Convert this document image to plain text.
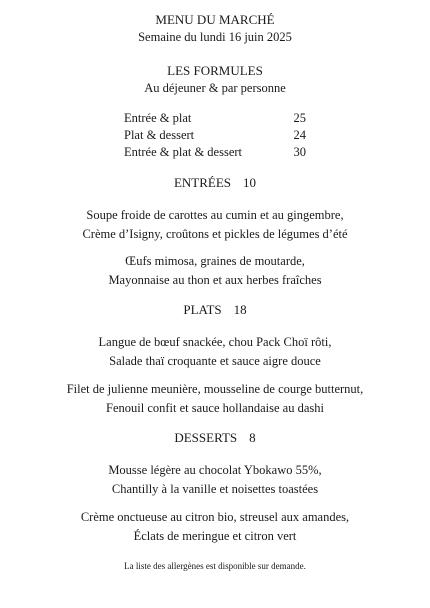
MENU DU MARCHÉ
Semaine du lundi 16 juin 2025
LES FORMULES
Au déjeuner & par personne
Entrée & plat	25
Plat & dessert	24
Entrée & plat & dessert	30
ENTRÉES 10
Soupe froide de carottes au cumin et au gingembre,
Crème d’Isigny, croûtons et pickles de légumes d’été
Œufs mimosa, graines de moutarde,
Mayonnaise au thon et aux herbes fraîches
PLATS 18
Langue de bœuf snackée, chou Pack Choï rôti,
Salade thaï croquante et sauce aigre douce
Filet de julienne meunière, mousseline de courge butternut,
Fenouil confit et sauce hollandaise au dashi
DESSERTS 8
Mousse légère au chocolat Ybokawo 55%,
Chantilly à la vanille et noisettes toastées
Crème onctueuse au citron bio, streusel aux amandes,
Éclats de meringue et citron vert
La liste des allergènes est disponible sur demande.
